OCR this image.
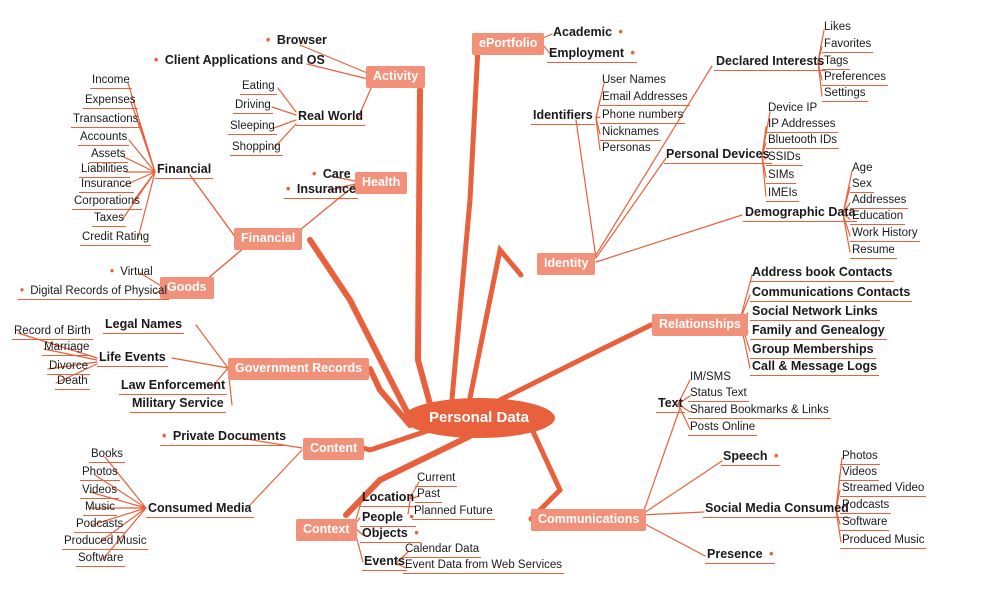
Personal Data
Activity
• Browser
• Client Applications and OS
Real World
Eating
Driving
Sleeping
Shopping
Financial
Income
Expenses
Transactions
Accounts
Assets
Liabilities
Insurance
Corporations
Taxes
Credit Rating	Financial
Health
• Care
• Insurance
Goods
• Virtual
• Digital Records of Physical
Government Records
Legal Names
Life Events
Record of Birth
Marriage
Divorce
Death	Law Enforcement
Military Service
Content
• Private Documents
Consumed Media
Books
Photos
Videos
Music
Podcasts
Produced Music
Software
Context
Location
Current
Past
Planned Future
People •
Objects •
Events
Calendar Data
Event Data from Web Services
Communications
Text
IM/SMS
Status Text
Shared Bookmarks & Links
Posts Online
Speech •
Social Media Consumed
Photos
Videos
Streamed Video
Podcasts
Software
Produced Music
Presence •
Relationships
Address book Contacts
Communications Contacts
Social Network Links
Family and Genealogy
Group Memberships
Call & Message Logs
Identity
Identifiers
User Names
Email Addresses
Phone numbers
Nicknames
Personas
Declared Interests
Likes
Favorites
Tags
Preferences
Settings
Personal Devices
Device IP
IP Addresses
Bluetooth IDs
SSIDs
SIMs
IMEIs
Demographic Data
Age
Sex
Addresses
Education
Work History
Resume
ePortfolio
Academic •
Employment •
